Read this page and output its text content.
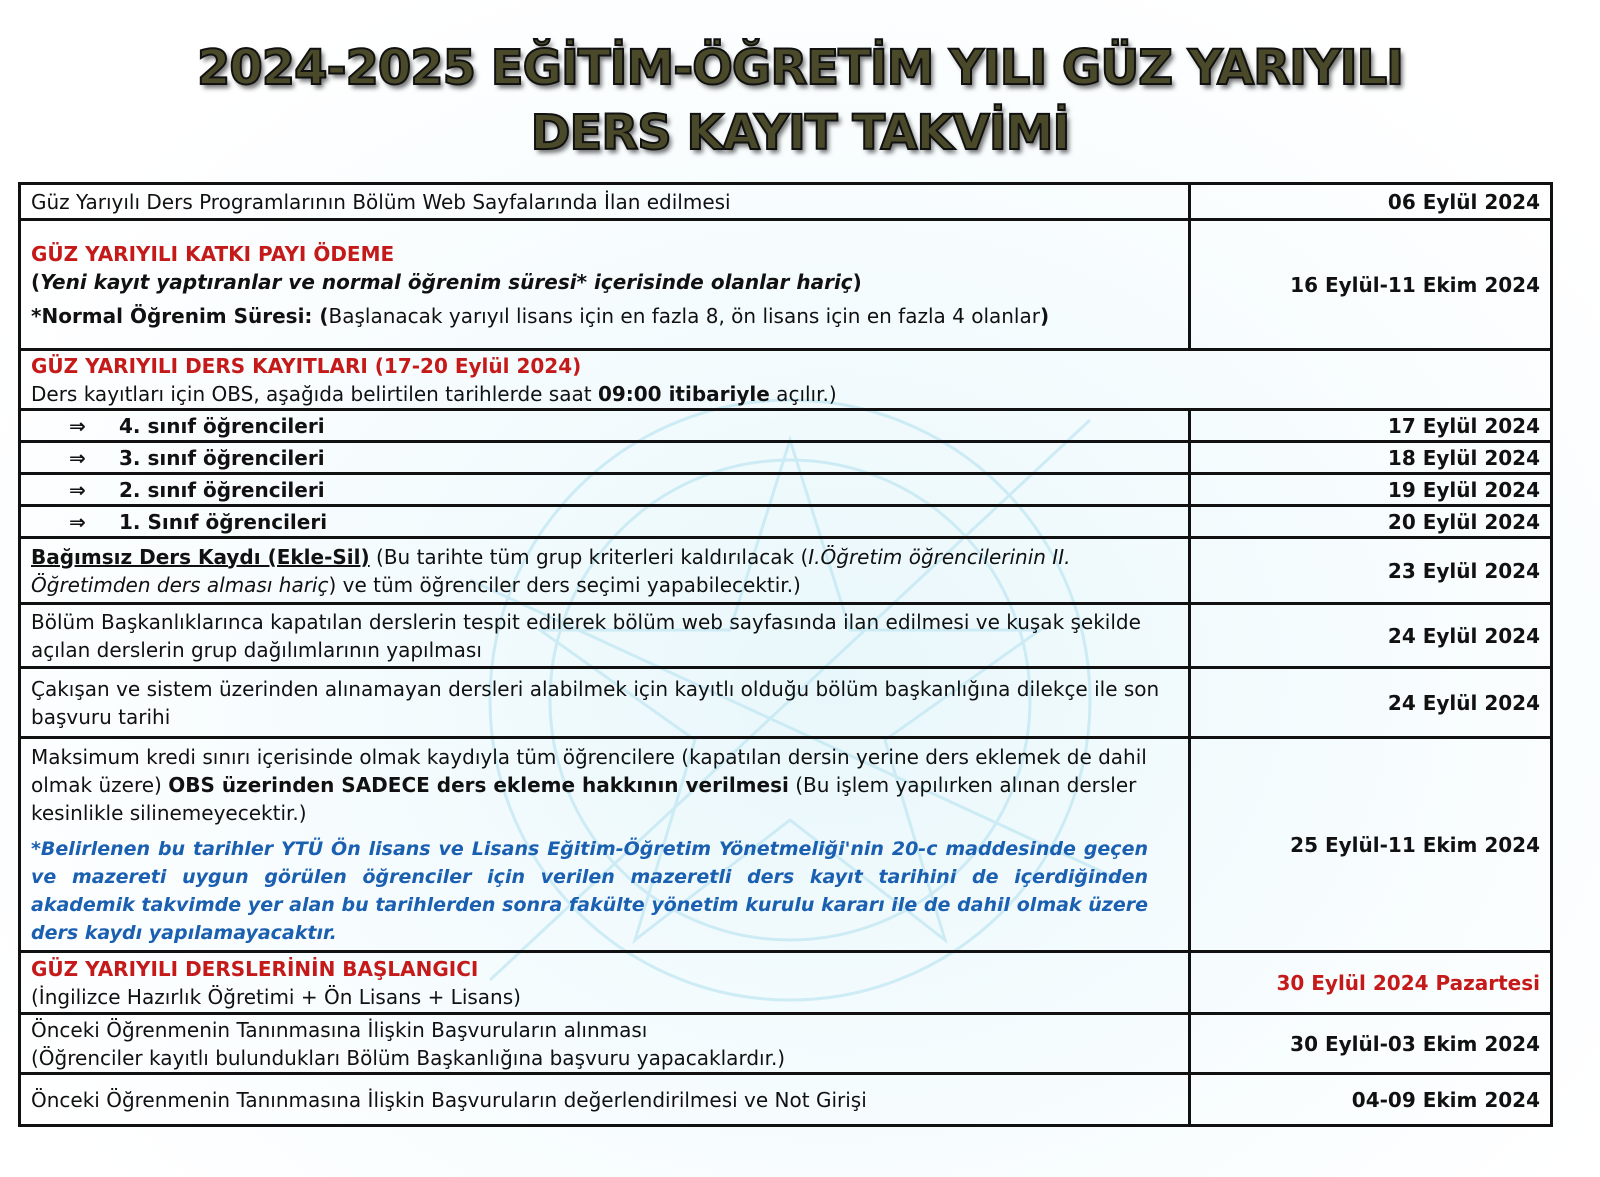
2024-2025 EĞİTİM-ÖĞRETİM YILI GÜZ YARIYILI
DERS KAYIT TAKVİMİ
Güz Yarıyılı Ders Programlarının Bölüm Web Sayfalarında İlan edilmesi	06 Eylül 2024

GÜZ YARIYILI KATKI PAYI ÖDEME
(Yeni kayıt yaptıranlar ve normal öğrenim süresi* içerisinde olanlar hariç)
*Normal Öğrenim Süresi: (Başlanacak yarıyıl lisans için en fazla 8, ön lisans için en fazla 4 olanlar)	16 Eylül-11 Ekim 2024

GÜZ YARIYILI DERS KAYITLARI (17-20 Eylül 2024)
Ders kayıtları için OBS, aşağıda belirtilen tarihlerde saat 09:00 itibariyle açılır.)	

⇒ 4. sınıf öğrencileri	17 Eylül 2024
⇒ 3. sınıf öğrencileri	18 Eylül 2024
⇒ 2. sınıf öğrencileri	19 Eylül 2024
⇒ 1. Sınıf öğrencileri	20 Eylül 2024
Bağımsız Ders Kaydı (Ekle-Sil) (Bu tarihte tüm grup kriterleri kaldırılacak (I.Öğretim öğrencilerinin II. Öğretimden ders alması hariç) ve tüm öğrenciler ders seçimi yapabilecektir.)	23 Eylül 2024
Bölüm Başkanlıklarınca kapatılan derslerin tespit edilerek bölüm web sayfasında ilan edilmesi ve kuşak şekilde açılan derslerin grup dağılımlarının yapılması	24 Eylül 2024
Çakışan ve sistem üzerinden alınamayan dersleri alabilmek için kayıtlı olduğu bölüm başkanlığına dilekçe ile son başvuru tarihi	24 Eylül 2024

Maksimum kredi sınırı içerisinde olmak kaydıyla tüm öğrencilere (kapatılan dersin yerine ders eklemek de dahil olmak üzere) OBS üzerinden SADECE ders ekleme hakkının verilmesi (Bu işlem yapılırken alınan dersler kesinlikle silinemeyecektir.)
*Belirlenen bu tarihler YTÜ Ön lisans ve Lisans Eğitim-Öğretim Yönetmeliği'nin 20-c maddesinde geçen ve mazereti uygun görülen öğrenciler için verilen mazeretli ders kayıt tarihini de içerdiğinden akademik takvimde yer alan bu tarihlerden sonra fakülte yönetim kurulu kararı ile de dahil olmak üzere ders kaydı yapılamayacaktır.	25 Eylül-11 Ekim 2024

GÜZ YARIYILI DERSLERİNİN BAŞLANGICI
(İngilizce Hazırlık Öğretimi + Ön Lisans + Lisans)	30 Eylül 2024 Pazartesi

Önceki Öğrenmenin Tanınmasına İlişkin Başvuruların alınması
(Öğrenciler kayıtlı bulundukları Bölüm Başkanlığına başvuru yapacaklardır.)	30 Eylül-03 Ekim 2024
Önceki Öğrenmenin Tanınmasına İlişkin Başvuruların değerlendirilmesi ve Not Girişi	04-09 Ekim 2024
